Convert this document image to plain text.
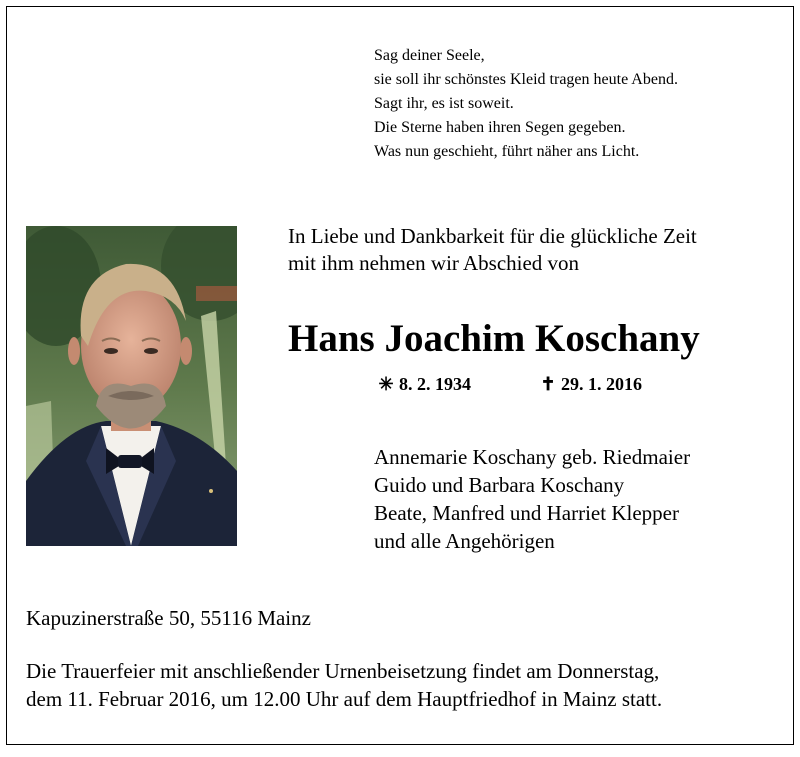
Sag deiner Seele,
sie soll ihr schönstes Kleid tragen heute Abend.
Sagt ihr, es ist soweit.
Die Sterne haben ihren Segen gegeben.
Was nun geschieht, führt näher ans Licht.
In Liebe und Dankbarkeit für die glückliche Zeit
mit ihm nehmen wir Abschied von
Hans Joachim Koschany
✳ 8. 2. 1934	✝ 29. 1. 2016
Annemarie Koschany geb. Riedmaier
Guido und Barbara Koschany
Beate, Manfred und Harriet Klepper
und alle Angehörigen
Kapuzinerstraße 50, 55116 Mainz
Die Trauerfeier mit anschließender Urnenbeisetzung findet am Donnerstag,
dem 11. Februar 2016, um 12.00 Uhr auf dem Hauptfriedhof in Mainz statt.
